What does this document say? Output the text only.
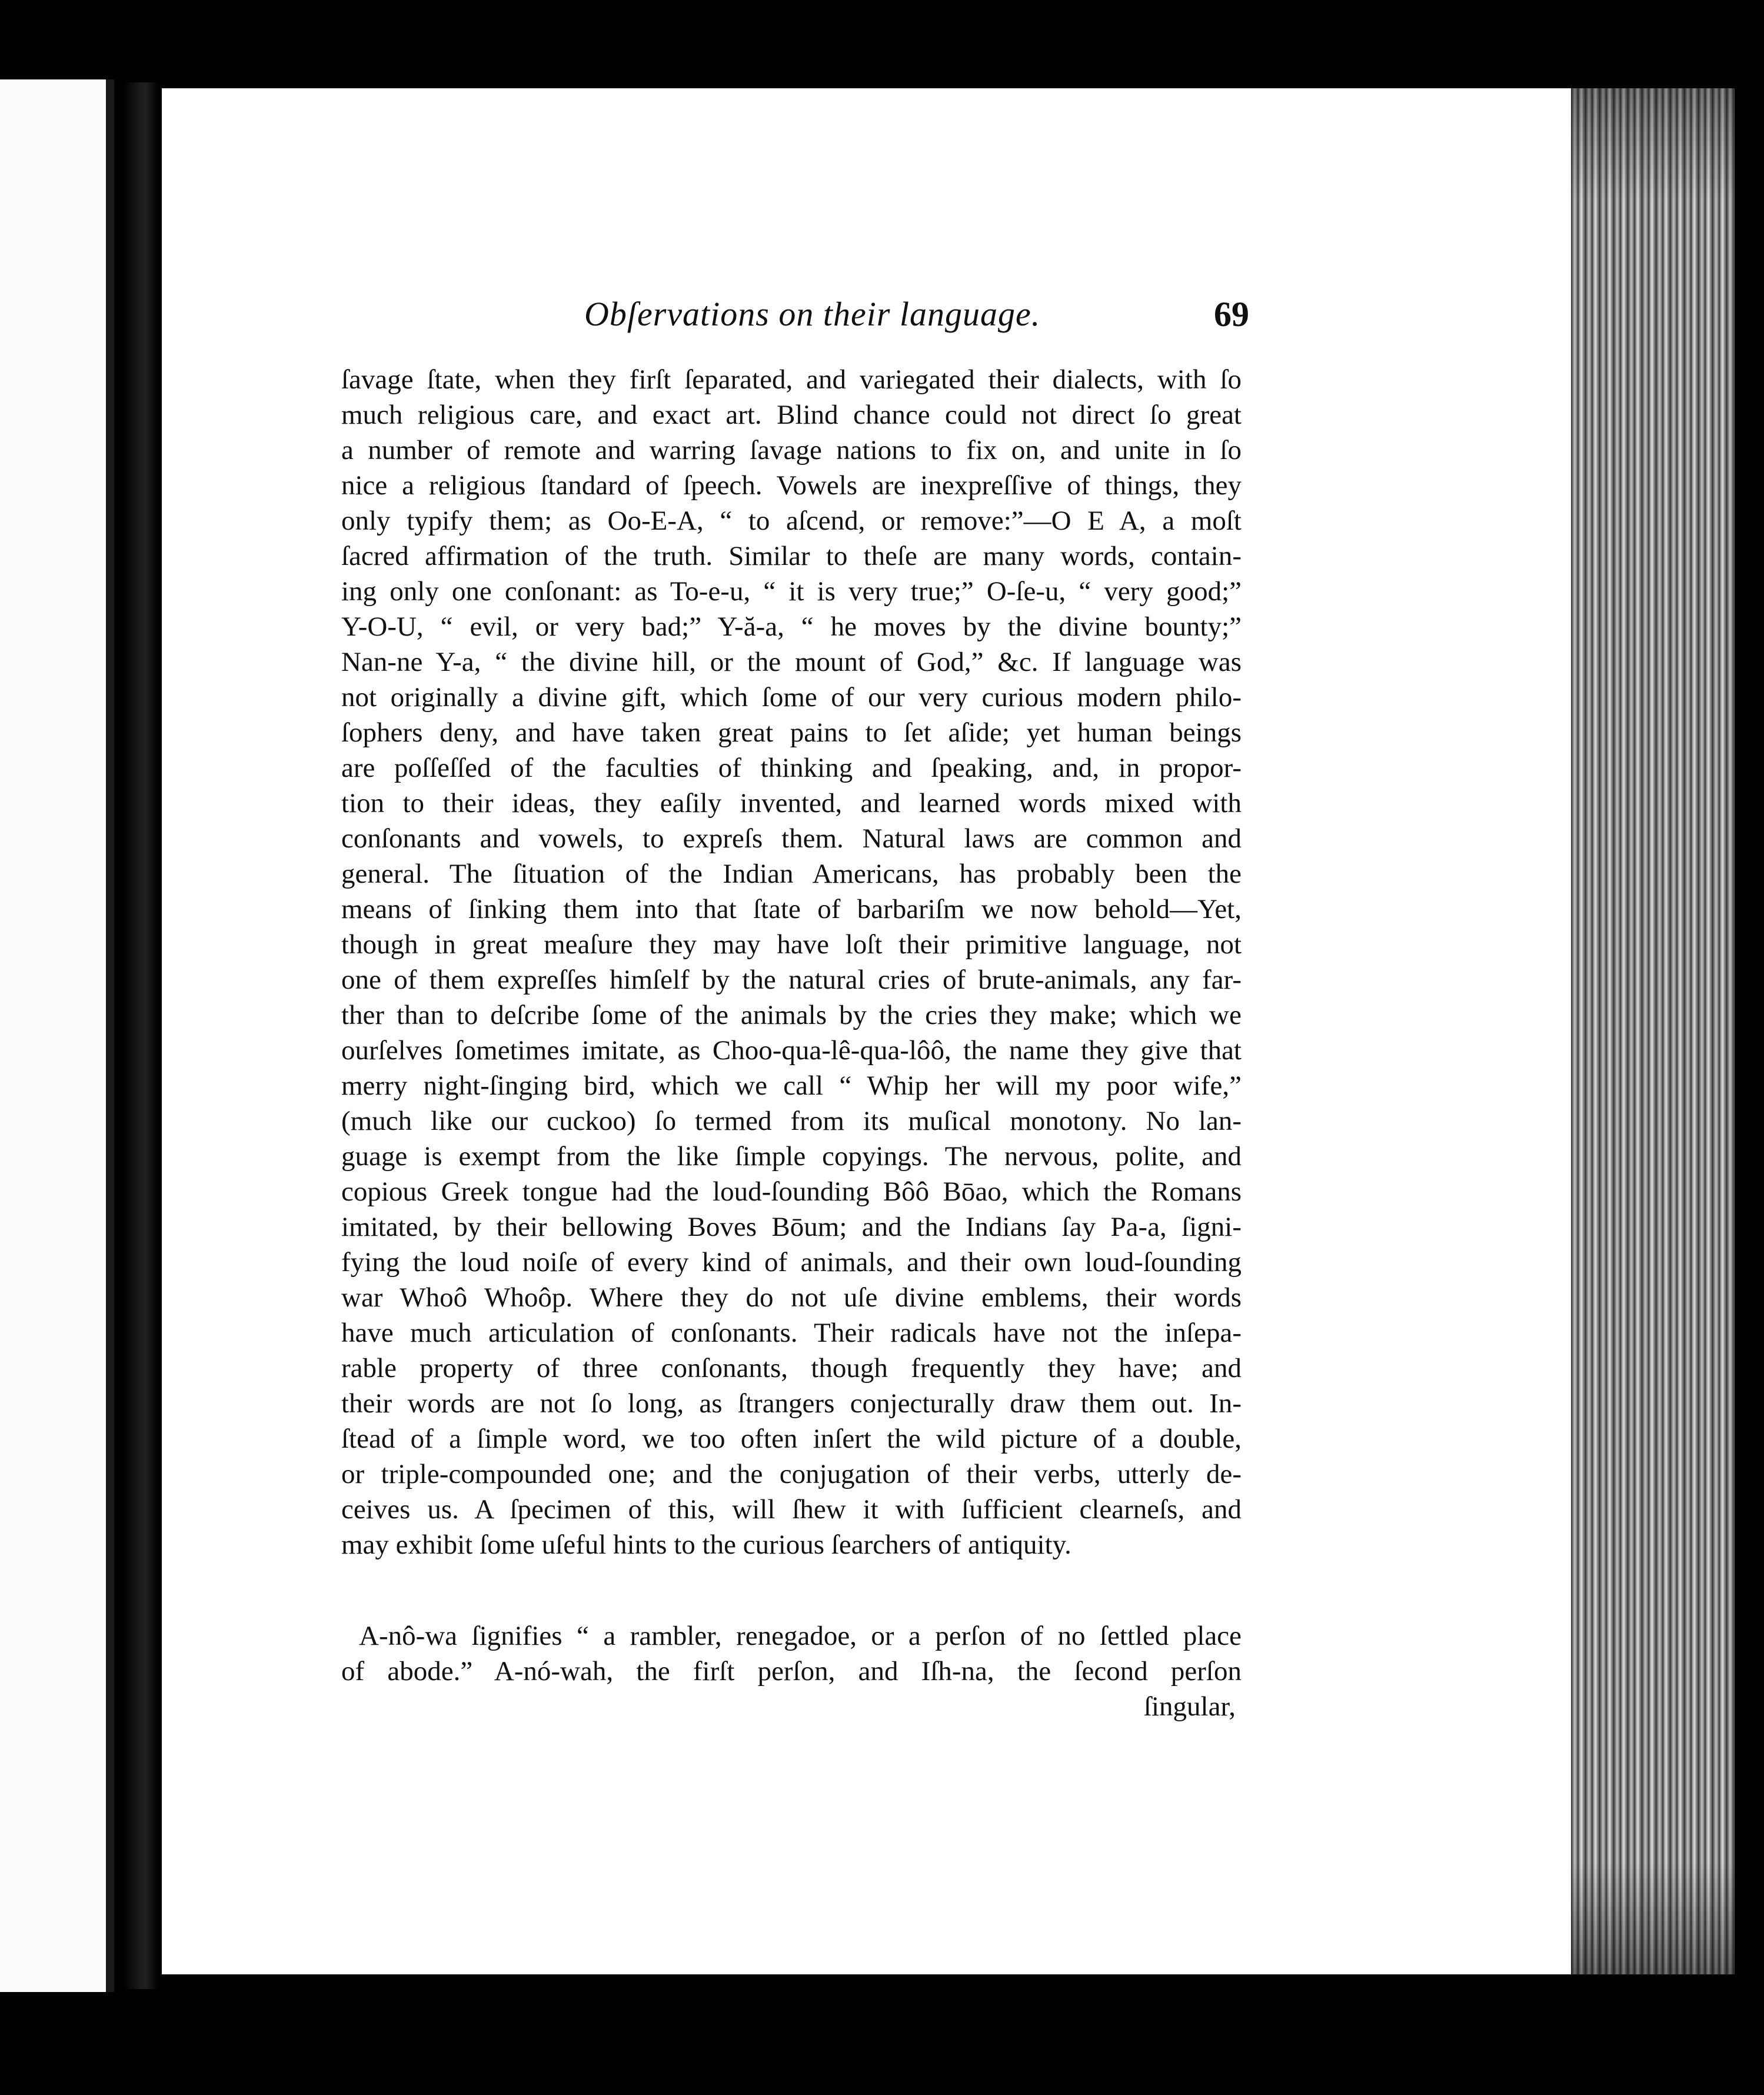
Obſervations on their language.	69
ſavage ſtate, when they firſt ſeparated, and variegated their dialects, with ſo
much religious care, and exact art. Blind chance could not direct ſo great
a number of remote and warring ſavage nations to fix on, and unite in ſo
nice a religious ſtandard of ſpeech. Vowels are inexpreſſive of things, they
only typify them; as Oo-E-A, “ to aſcend, or remove:”—O E A, a moſt
ſacred affirmation of the truth. Similar to theſe are many words, contain-
ing only one conſonant: as To-e-u, “ it is very true;” O-ſe-u, “ very good;”
Y-O-U, “ evil, or very bad;” Y-ă-a, “ he moves by the divine bounty;”
Nan-ne Y-a, “ the divine hill, or the mount of God,” &c. If language was
not originally a divine gift, which ſome of our very curious modern philo-
ſophers deny, and have taken great pains to ſet aſide; yet human beings
are poſſeſſed of the faculties of thinking and ſpeaking, and, in propor-
tion to their ideas, they eaſily invented, and learned words mixed with
conſonants and vowels, to expreſs them. Natural laws are common and
general. The ſituation of the Indian Americans, has probably been the
means of ſinking them into that ſtate of barbariſm we now behold—Yet,
though in great meaſure they may have loſt their primitive language, not
one of them expreſſes himſelf by the natural cries of brute-animals, any far-
ther than to deſcribe ſome of the animals by the cries they make; which we
ourſelves ſometimes imitate, as Choo-qua-lê-qua-lôô, the name they give that
merry night-ſinging bird, which we call “ Whip her will my poor wife,”
(much like our cuckoo) ſo termed from its muſical monotony. No lan-
guage is exempt from the like ſimple copyings. The nervous, polite, and
copious Greek tongue had the loud-ſounding Bôô Bōao, which the Romans
imitated, by their bellowing Boves Bōum; and the Indians ſay Pa-a, ſigni-
fying the loud noiſe of every kind of animals, and their own loud-ſounding
war Whoô Whoôp. Where they do not uſe divine emblems, their words
have much articulation of conſonants. Their radicals have not the inſepa-
rable property of three conſonants, though frequently they have; and
their words are not ſo long, as ſtrangers conjecturally draw them out. In-
ſtead of a ſimple word, we too often inſert the wild picture of a double,
or triple-compounded one; and the conjugation of their verbs, utterly de-
ceives us. A ſpecimen of this, will ſhew it with ſufficient clearneſs, and
may exhibit ſome uſeful hints to the curious ſearchers of antiquity.
A-nô-wa ſignifies “ a rambler, renegadoe, or a perſon of no ſettled place
of abode.” A-nó-wah, the firſt perſon, and Iſh-na, the ſecond perſon
ſingular,
